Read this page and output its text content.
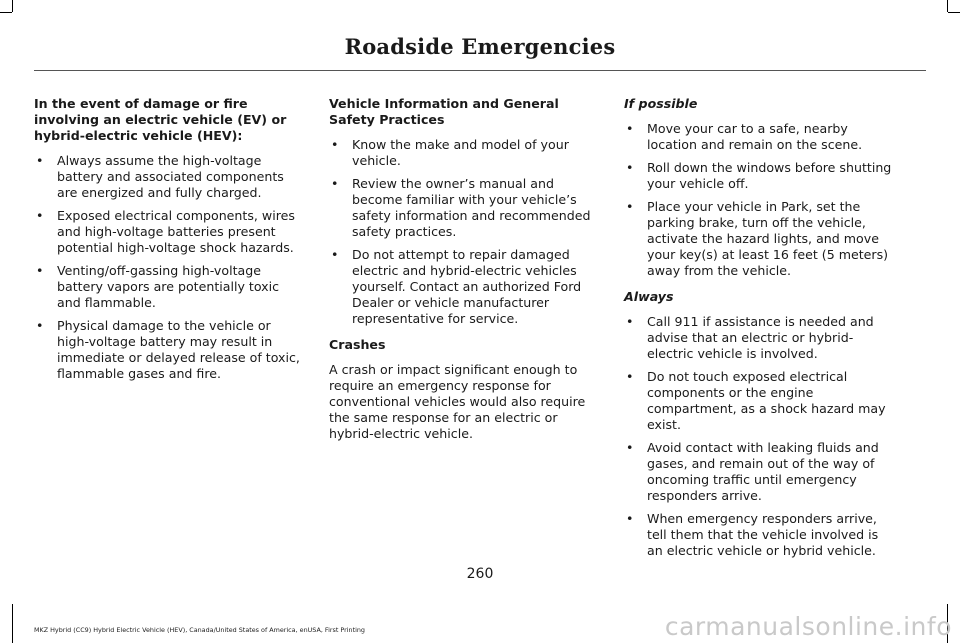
Roadside Emergencies

In the event of damage or fire involving an electric vehicle (EV) or hybrid-electric vehicle (HEV):

• Always assume the high-voltage battery and associated components are energized and fully charged.
• Exposed electrical components, wires and high-voltage batteries present potential high-voltage shock hazards.
• Venting/off-gassing high-voltage battery vapors are potentially toxic and flammable.
• Physical damage to the vehicle or high-voltage battery may result in immediate or delayed release of toxic, flammable gases and fire.

Vehicle Information and General Safety Practices

• Know the make and model of your vehicle.
• Review the owner’s manual and become familiar with your vehicle’s safety information and recommended safety practices.
• Do not attempt to repair damaged electric and hybrid-electric vehicles yourself. Contact an authorized Ford Dealer or vehicle manufacturer representative for service.

Crashes

A crash or impact significant enough to require an emergency response for conventional vehicles would also require the same response for an electric or hybrid-electric vehicle.

If possible

• Move your car to a safe, nearby location and remain on the scene.
• Roll down the windows before shutting your vehicle off.
• Place your vehicle in Park, set the parking brake, turn off the vehicle, activate the hazard lights, and move your key(s) at least 16 feet (5 meters) away from the vehicle.

Always

• Call 911 if assistance is needed and advise that an electric or hybrid-electric vehicle is involved.
• Do not touch exposed electrical components or the engine compartment, as a shock hazard may exist.
• Avoid contact with leaking fluids and gases, and remain out of the way of oncoming traffic until emergency responders arrive.
• When emergency responders arrive, tell them that the vehicle involved is an electric vehicle or hybrid vehicle.
260
MKZ Hybrid (CC9) Hybrid Electric Vehicle (HEV), Canada/United States of America, enUSA, First Printing	carmanualsonline.info
